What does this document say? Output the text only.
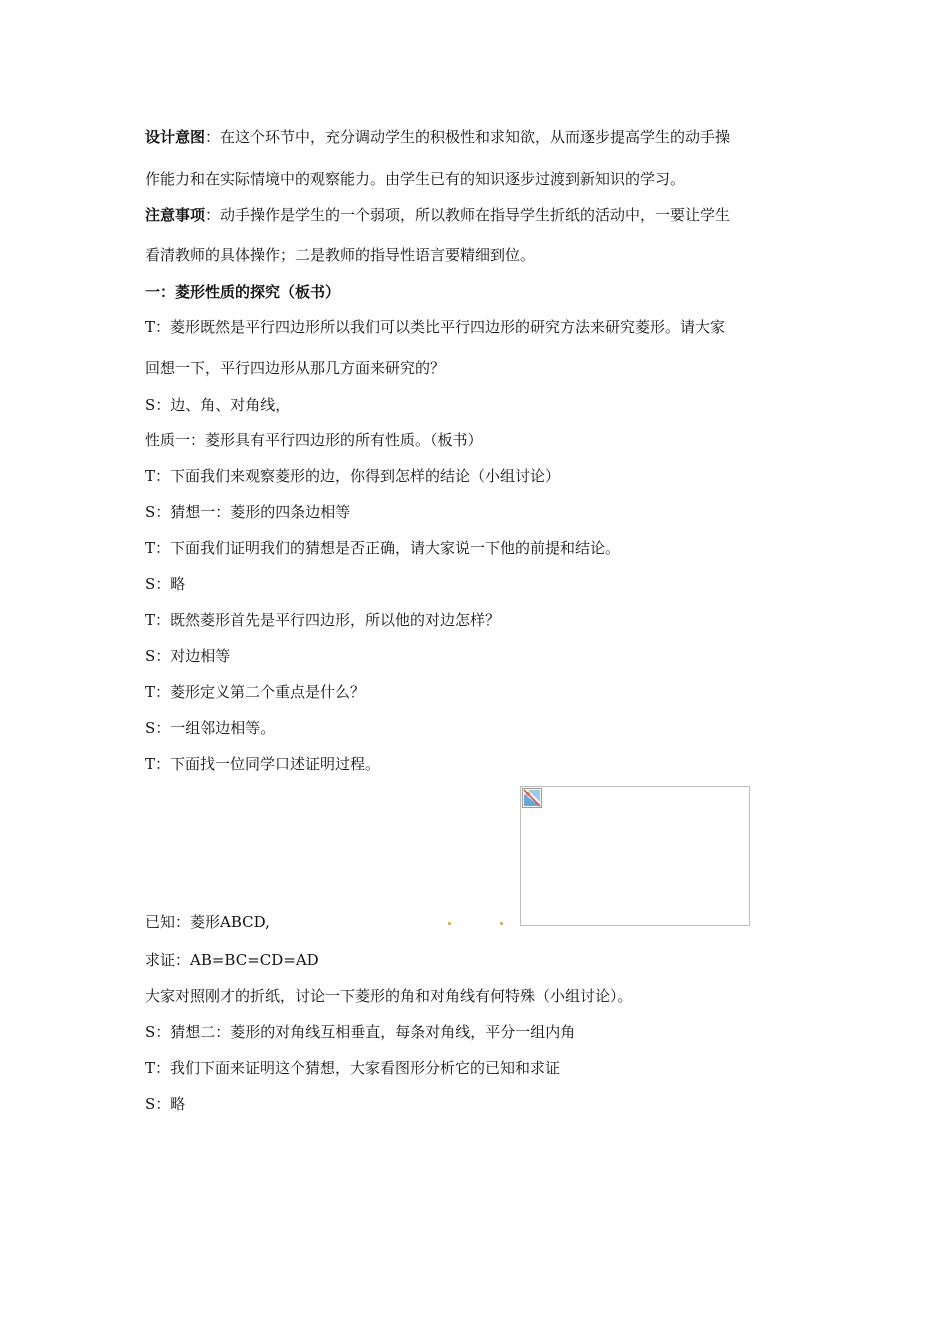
设计意图：在这个环节中，充分调动学生的积极性和求知欲，从而逐步提高学生的动手操
作能力和在实际情境中的观察能力。由学生已有的知识逐步过渡到新知识的学习。
注意事项：动手操作是学生的一个弱项，所以教师在指导学生折纸的活动中，一要让学生
看清教师的具体操作；二是教师的指导性语言要精细到位。
一：菱形性质的探究（板书）
T：菱形既然是平行四边形所以我们可以类比平行四边形的研究方法来研究菱形。请大家
回想一下，平行四边形从那几方面来研究的？
S：边、角、对角线，
性质一：菱形具有平行四边形的所有性质。（板书）
T：下面我们来观察菱形的边，你得到怎样的结论（小组讨论）
S：猜想一：菱形的四条边相等
T：下面我们证明我们的猜想是否正确，请大家说一下他的前提和结论。
S：略
T：既然菱形首先是平行四边形，所以他的对边怎样？
S：对边相等
T：菱形定义第二个重点是什么？
S：一组邻边相等。
T：下面找一位同学口述证明过程。
已知：菱形ABCD,
求证：AB=BC=CD=AD
大家对照刚才的折纸，讨论一下菱形的角和对角线有何特殊（小组讨论）。
S：猜想二：菱形的对角线互相垂直，每条对角线，平分一组内角
T：我们下面来证明这个猜想，大家看图形分析它的已知和求证
S：略
